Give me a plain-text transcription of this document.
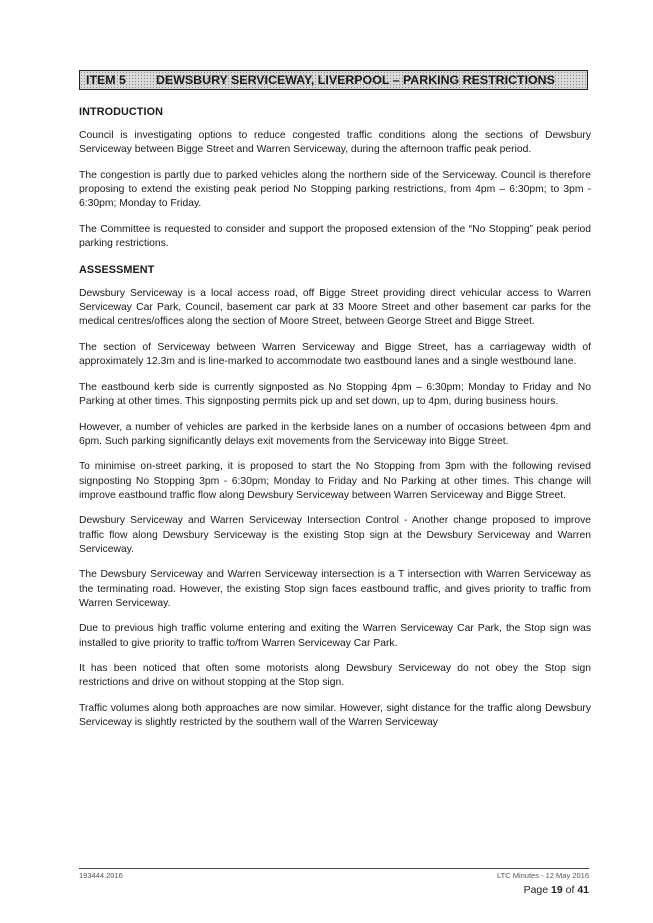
ITEM 5	DEWSBURY SERVICEWAY, LIVERPOOL – PARKING RESTRICTIONS
INTRODUCTION

Council is investigating options to reduce congested traffic conditions along the sections of Dewsbury Serviceway between Bigge Street and Warren Serviceway, during the afternoon traffic peak period.

The congestion is partly due to parked vehicles along the northern side of the Serviceway. Council is therefore proposing to extend the existing peak period No Stopping parking restrictions, from 4pm – 6:30pm; to 3pm - 6:30pm; Monday to Friday.

The Committee is requested to consider and support the proposed extension of the “No Stopping” peak period parking restrictions.

ASSESSMENT

Dewsbury Serviceway is a local access road, off Bigge Street providing direct vehicular access to Warren Serviceway Car Park, Council, basement car park at 33 Moore Street and other basement car parks for the medical centres/offices along the section of Moore Street, between George Street and Bigge Street.

The section of Serviceway between Warren Serviceway and Bigge Street, has a carriageway width of approximately 12.3m and is line-marked to accommodate two eastbound lanes and a single westbound lane.

The eastbound kerb side is currently signposted as No Stopping 4pm – 6:30pm; Monday to Friday and No Parking at other times. This signposting permits pick up and set down, up to 4pm, during business hours.

However, a number of vehicles are parked in the kerbside lanes on a number of occasions between 4pm and 6pm. Such parking significantly delays exit movements from the Serviceway into Bigge Street.

To minimise on-street parking, it is proposed to start the No Stopping from 3pm with the following revised signposting No Stopping 3pm - 6:30pm; Monday to Friday and No Parking at other times. This change will improve eastbound traffic flow along Dewsbury Serviceway between Warren Serviceway and Bigge Street.

Dewsbury Serviceway and Warren Serviceway Intersection Control - Another change proposed to improve traffic flow along Dewsbury Serviceway is the existing Stop sign at the Dewsbury Serviceway and Warren Serviceway.

The Dewsbury Serviceway and Warren Serviceway intersection is a T intersection with Warren Serviceway as the terminating road. However, the existing Stop sign faces eastbound traffic, and gives priority to traffic from Warren Serviceway.

Due to previous high traffic volume entering and exiting the Warren Serviceway Car Park, the Stop sign was installed to give priority to traffic to/from Warren Serviceway Car Park.

It has been noticed that often some motorists along Dewsbury Serviceway do not obey the Stop sign restrictions and drive on without stopping at the Stop sign.

Traffic volumes along both approaches are now similar. However, sight distance for the traffic along Dewsbury Serviceway is slightly restricted by the southern wall of the Warren Serviceway

193444.2016	LTC Minutes - 12 May 2016
Page 19 of 41
